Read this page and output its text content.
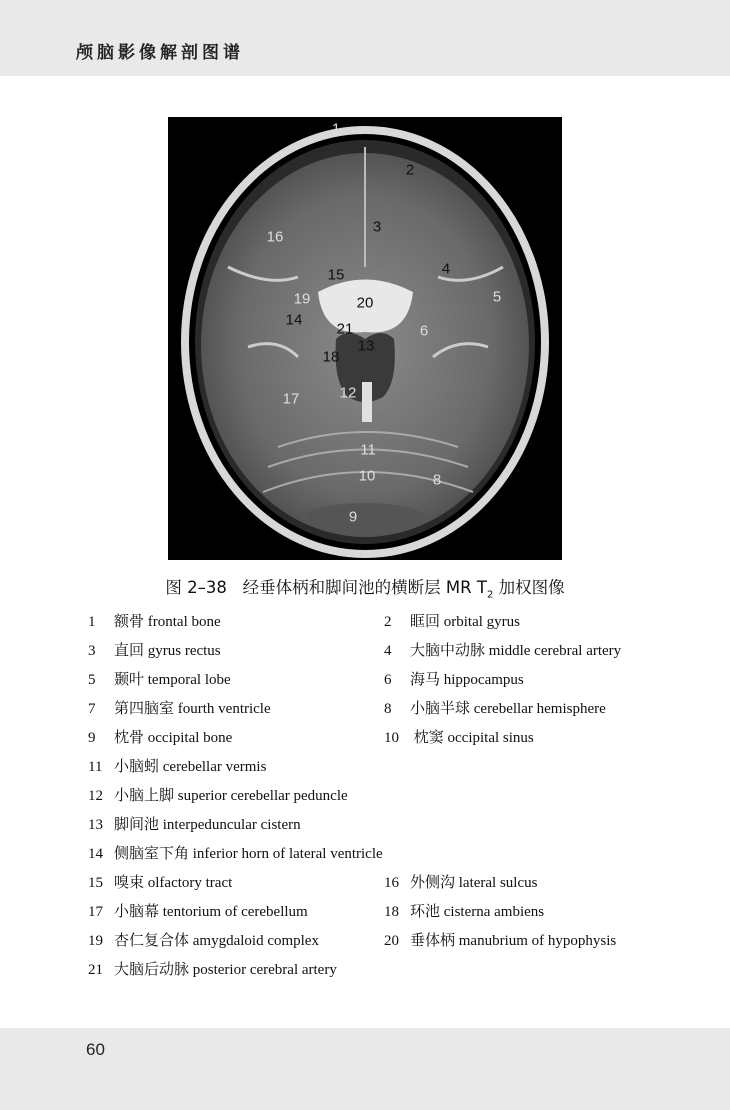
颅脑影像解剖图谱
1
2
3
4
5
6
7
8
9
10
11
12
13
14
15
16
17
18
19	20
21
图 2–38 经垂体柄和脚间池的横断层 MR $T_2$ 加权图像
1 额骨 frontal bone	2 眶回 orbital gyrus
3 直回 gyrus rectus	4 大脑中动脉 middle cerebral artery
5 颞叶 temporal lobe	6 海马 hippocampus
7 第四脑室 fourth ventricle	8 小脑半球 cerebellar hemisphere
9 枕骨 occipital bone	10 枕窦 occipital sinus
11 小脑蚓 cerebellar vermis
12 小脑上脚 superior cerebellar peduncle
13 脚间池 interpeduncular cistern
14 侧脑室下角 inferior horn of lateral ventricle
15 嗅束 olfactory tract	16 外侧沟 lateral sulcus
17 小脑幕 tentorium of cerebellum	18 环池 cisterna ambiens
19 杏仁复合体 amygdaloid complex	20 垂体柄 manubrium of hypophysis
21 大脑后动脉 posterior cerebral artery
60
